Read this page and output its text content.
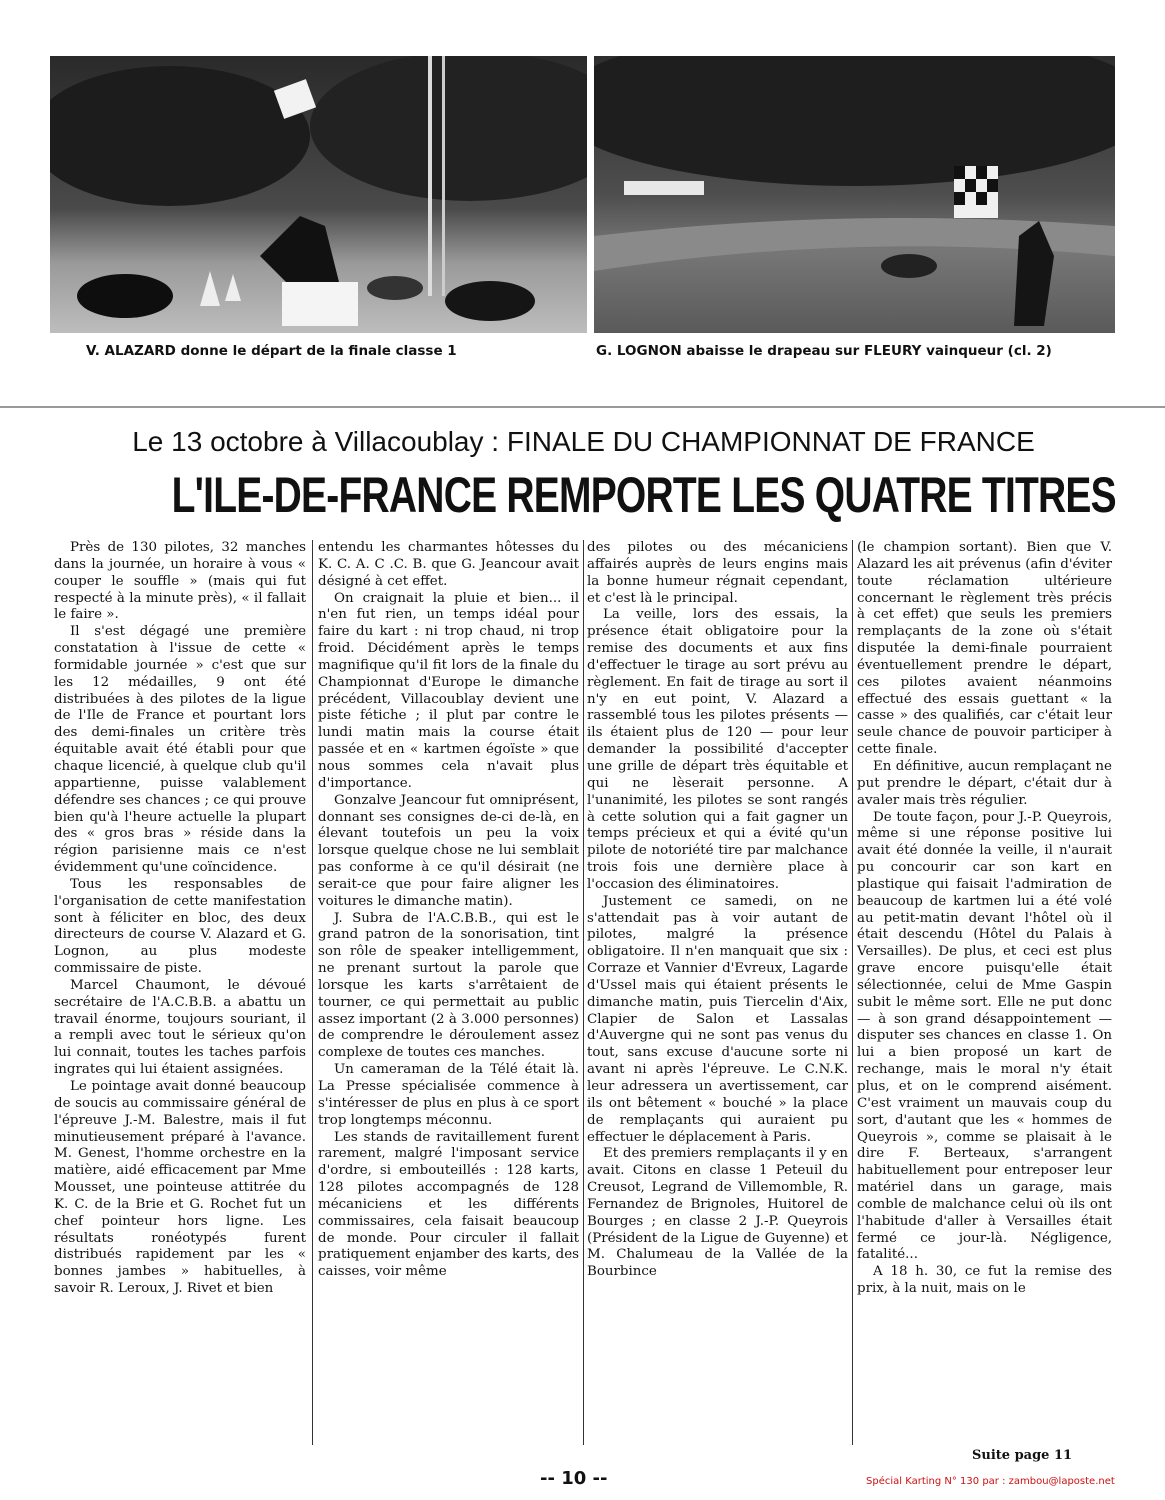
V. ALAZARD donne le départ de la finale classe 1	G. LOGNON abaisse le drapeau sur FLEURY vainqueur (cl. 2)
Le 13 octobre à Villacoublay : FINALE DU CHAMPIONNAT DE FRANCE
L'ILE-DE-FRANCE REMPORTE LES QUATRE TITRES

Près de 130 pilotes, 32 manches dans la journée, un horaire à vous « couper le souffle » (mais qui fut respecté à la minute près), « il fallait le faire ».

Il s'est dégagé une première constatation à l'issue de cette « formidable journée » c'est que sur les 12 médailles, 9 ont été distribuées à des pilotes de la ligue de l'Ile de France et pourtant lors des demi-finales un critère très équitable avait été établi pour que chaque licencié, à quelque club qu'il appartienne, puisse valablement défendre ses chances ; ce qui prouve bien qu'à l'heure actuelle la plupart des « gros bras » réside dans la région parisienne mais ce n'est évidemment qu'une coïncidence.

Tous les responsables de l'organisation de cette manifestation sont à féliciter en bloc, des deux directeurs de course V. Alazard et G. Lognon, au plus modeste commissaire de piste.

Marcel Chaumont, le dévoué secrétaire de l'A.C.B.B. a abattu un travail énorme, toujours souriant, il a rempli avec tout le sérieux qu'on lui connait, toutes les taches parfois ingrates qui lui étaient assignées.

Le pointage avait donné beaucoup de soucis au commissaire général de l'épreuve J.-M. Balestre, mais il fut minutieusement préparé à l'avance. M. Genest, l'homme orchestre en la matière, aidé efficacement par Mme Mousset, une pointeuse attitrée du K. C. de la Brie et G. Rochet fut un chef pointeur hors ligne. Les résultats ronéotypés furent distribués rapidement par les « bonnes jambes » habituelles, à savoir R. Leroux, J. Rivet et bien

entendu les charmantes hôtesses du K. C. A. C .C. B. que G. Jeancour avait désigné à cet effet.

On craignait la pluie et bien... il n'en fut rien, un temps idéal pour faire du kart : ni trop chaud, ni trop froid. Décidément après le temps magnifique qu'il fit lors de la finale du Championnat d'Europe le dimanche précédent, Villacoublay devient une piste fétiche ; il plut par contre le lundi matin mais la course était passée et en « kartmen égoïste » que nous sommes cela n'avait plus d'importance.

Gonzalve Jeancour fut omniprésent, donnant ses consignes de-ci de-là, en élevant toutefois un peu la voix lorsque quelque chose ne lui semblait pas conforme à ce qu'il désirait (ne serait-ce que pour faire aligner les voitures le dimanche matin).

J. Subra de l'A.C.B.B., qui est le grand patron de la sonorisation, tint son rôle de speaker intelligemment, ne prenant surtout la parole que lorsque les karts s'arrêtaient de tourner, ce qui permettait au public assez important (2 à 3.000 personnes) de comprendre le déroulement assez complexe de toutes ces manches.

Un cameraman de la Télé était là. La Presse spécialisée commence à s'intéresser de plus en plus à ce sport trop longtemps méconnu.

Les stands de ravitaillement furent rarement, malgré l'imposant service d'ordre, si embouteillés : 128 karts, 128 pilotes accompagnés de 128 mécaniciens et les différents commissaires, cela faisait beaucoup de monde. Pour circuler il fallait pratiquement enjamber des karts, des caisses, voir même

des pilotes ou des mécaniciens affairés auprès de leurs engins mais la bonne humeur régnait cependant, et c'est là le principal.

La veille, lors des essais, la présence était obligatoire pour la remise des documents et aux fins d'effectuer le tirage au sort prévu au règlement. En fait de tirage au sort il n'y en eut point, V. Alazard a rassemblé tous les pilotes présents — ils étaient plus de 120 — pour leur demander la possibilité d'accepter une grille de départ très équitable et qui ne lèserait personne. A l'unanimité, les pilotes se sont rangés à cette solution qui a fait gagner un temps précieux et qui a évité qu'un pilote de notoriété tire par malchance trois fois une dernière place à l'occasion des éliminatoires.

Justement ce samedi, on ne s'attendait pas à voir autant de pilotes, malgré la présence obligatoire. Il n'en manquait que six : Corraze et Vannier d'Evreux, Lagarde d'Ussel mais qui étaient présents le dimanche matin, puis Tiercelin d'Aix, Clapier de Salon et Lassalas d'Auvergne qui ne sont pas venus du tout, sans excuse d'aucune sorte ni avant ni après l'épreuve. Le C.N.K. leur adressera un avertissement, car ils ont bêtement « bouché » la place de remplaçants qui auraient pu effectuer le déplacement à Paris.

Et des premiers remplaçants il y en avait. Citons en classe 1 Peteuil du Creusot, Legrand de Villemomble, R. Fernandez de Brignoles, Huitorel de Bourges ; en classe 2 J.-P. Queyrois (Président de la Ligue de Guyenne) et M. Chalumeau de la Vallée de la Bourbince

(le champion sortant). Bien que V. Alazard les ait prévenus (afin d'éviter toute réclamation ultérieure concernant le règlement très précis à cet effet) que seuls les premiers remplaçants de la zone où s'était disputée la demi-finale pourraient éventuellement prendre le départ, ces pilotes avaient néanmoins effectué des essais guettant « la casse » des qualifiés, car c'était leur seule chance de pouvoir participer à cette finale.

En définitive, aucun remplaçant ne put prendre le départ, c'était dur à avaler mais très régulier.

De toute façon, pour J.-P. Queyrois, même si une réponse positive lui avait été donnée la veille, il n'aurait pu concourir car son kart en plastique qui faisait l'admiration de beaucoup de kartmen lui a été volé au petit-matin devant l'hôtel où il était descendu (Hôtel du Palais à Versailles). De plus, et ceci est plus grave encore puisqu'elle était sélectionnée, celui de Mme Gaspin subit le même sort. Elle ne put donc — à son grand désappointement — disputer ses chances en classe 1. On lui a bien proposé un kart de rechange, mais le moral n'y était plus, et on le comprend aisément. C'est vraiment un mauvais coup du sort, d'autant que les « hommes de Queyrois », comme se plaisait à le dire F. Berteaux, s'arrangent habituellement pour entreposer leur matériel dans un garage, mais comble de malchance celui où ils ont l'habitude d'aller à Versailles était fermé ce jour-là. Négligence, fatalité...

A 18 h. 30, ce fut la remise des prix, à la nuit, mais on le

Suite page 11
-- 10 --	Spécial Karting N° 130 par : zambou@laposte.net
